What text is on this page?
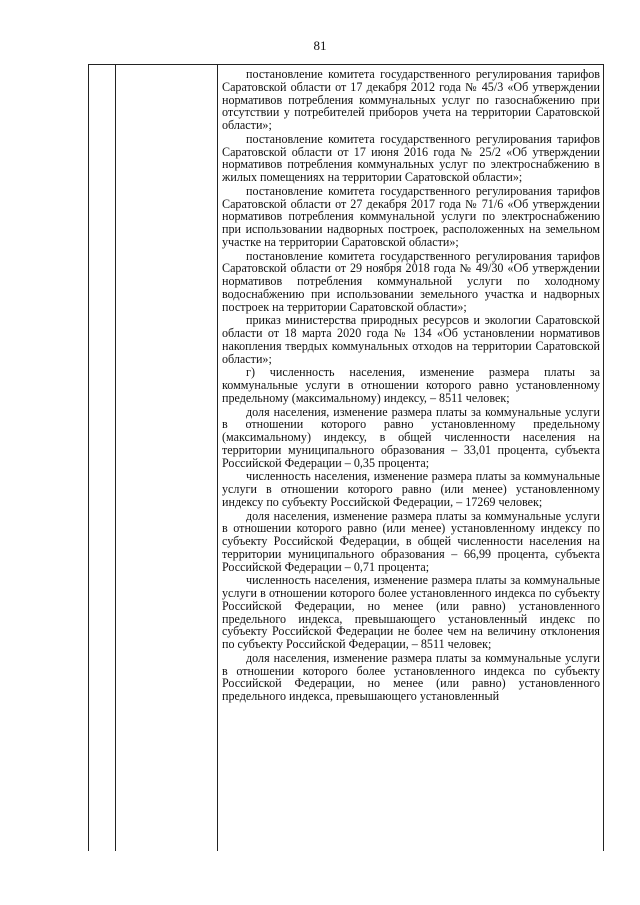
81

постановление комитета государственного регулирования тарифов Саратовской области от 17 декабря 2012 года № 45/3 «Об утверждении нормативов потребления коммунальных услуг по газоснабжению при отсутствии у потребителей приборов учета на территории Саратовской области»;

постановление комитета государственного регулирования тарифов Саратовской области от 17 июня 2016 года № 25/2 «Об утверждении нормативов потребления коммунальных услуг по электроснабжению в жилых помещениях на территории Саратовской области»;

постановление комитета государственного регулирования тарифов Саратовской области от 27 декабря 2017 года № 71/6 «Об утверждении нормативов потребления коммунальной услуги по электроснабжению при использовании надворных построек, расположенных на земельном участке на территории Саратовской области»;

постановление комитета государственного регулирования тарифов Саратовской области от 29 ноября 2018 года № 49/30 «Об утверждении нормативов потребления коммунальной услуги по холодному водоснабжению при использовании земельного участка и надворных построек на территории Саратовской области»;

приказ министерства природных ресурсов и экологии Саратовской области от 18 марта 2020 года № 134 «Об установлении нормативов накопления твердых коммунальных отходов на территории Саратовской области»;

г) численность населения, изменение размера платы за коммунальные услуги в отношении которого равно установленному предельному (максимальному) индексу, – 8511 человек;

доля населения, изменение размера платы за коммунальные услуги в отношении которого равно установленному предельному (максимальному) индексу, в общей численности населения на территории муниципального образования – 33,01 процента, субъекта Российской Федерации – 0,35 процента;

численность населения, изменение размера платы за коммунальные услуги в отношении которого равно (или менее) установленному индексу по субъекту Российской Федерации, – 17269 человек;

доля населения, изменение размера платы за коммунальные услуги в отношении которого равно (или менее) установленному индексу по субъекту Российской Федерации, в общей численности населения на территории муниципального образования – 66,99 процента, субъекта Российской Федерации – 0,71 процента;

численность населения, изменение размера платы за коммунальные услуги в отношении которого более установленного индекса по субъекту Российской Федерации, но менее (или равно) установленного предельного индекса, превышающего установленный индекс по субъекту Российской Федерации не более чем на величину отклонения по субъекту Российской Федерации, – 8511 человек;

доля населения, изменение размера платы за коммунальные услуги в отношении которого более установленного индекса по субъекту Российской Федерации, но менее (или равно) установленного предельного индекса, превышающего установленный
